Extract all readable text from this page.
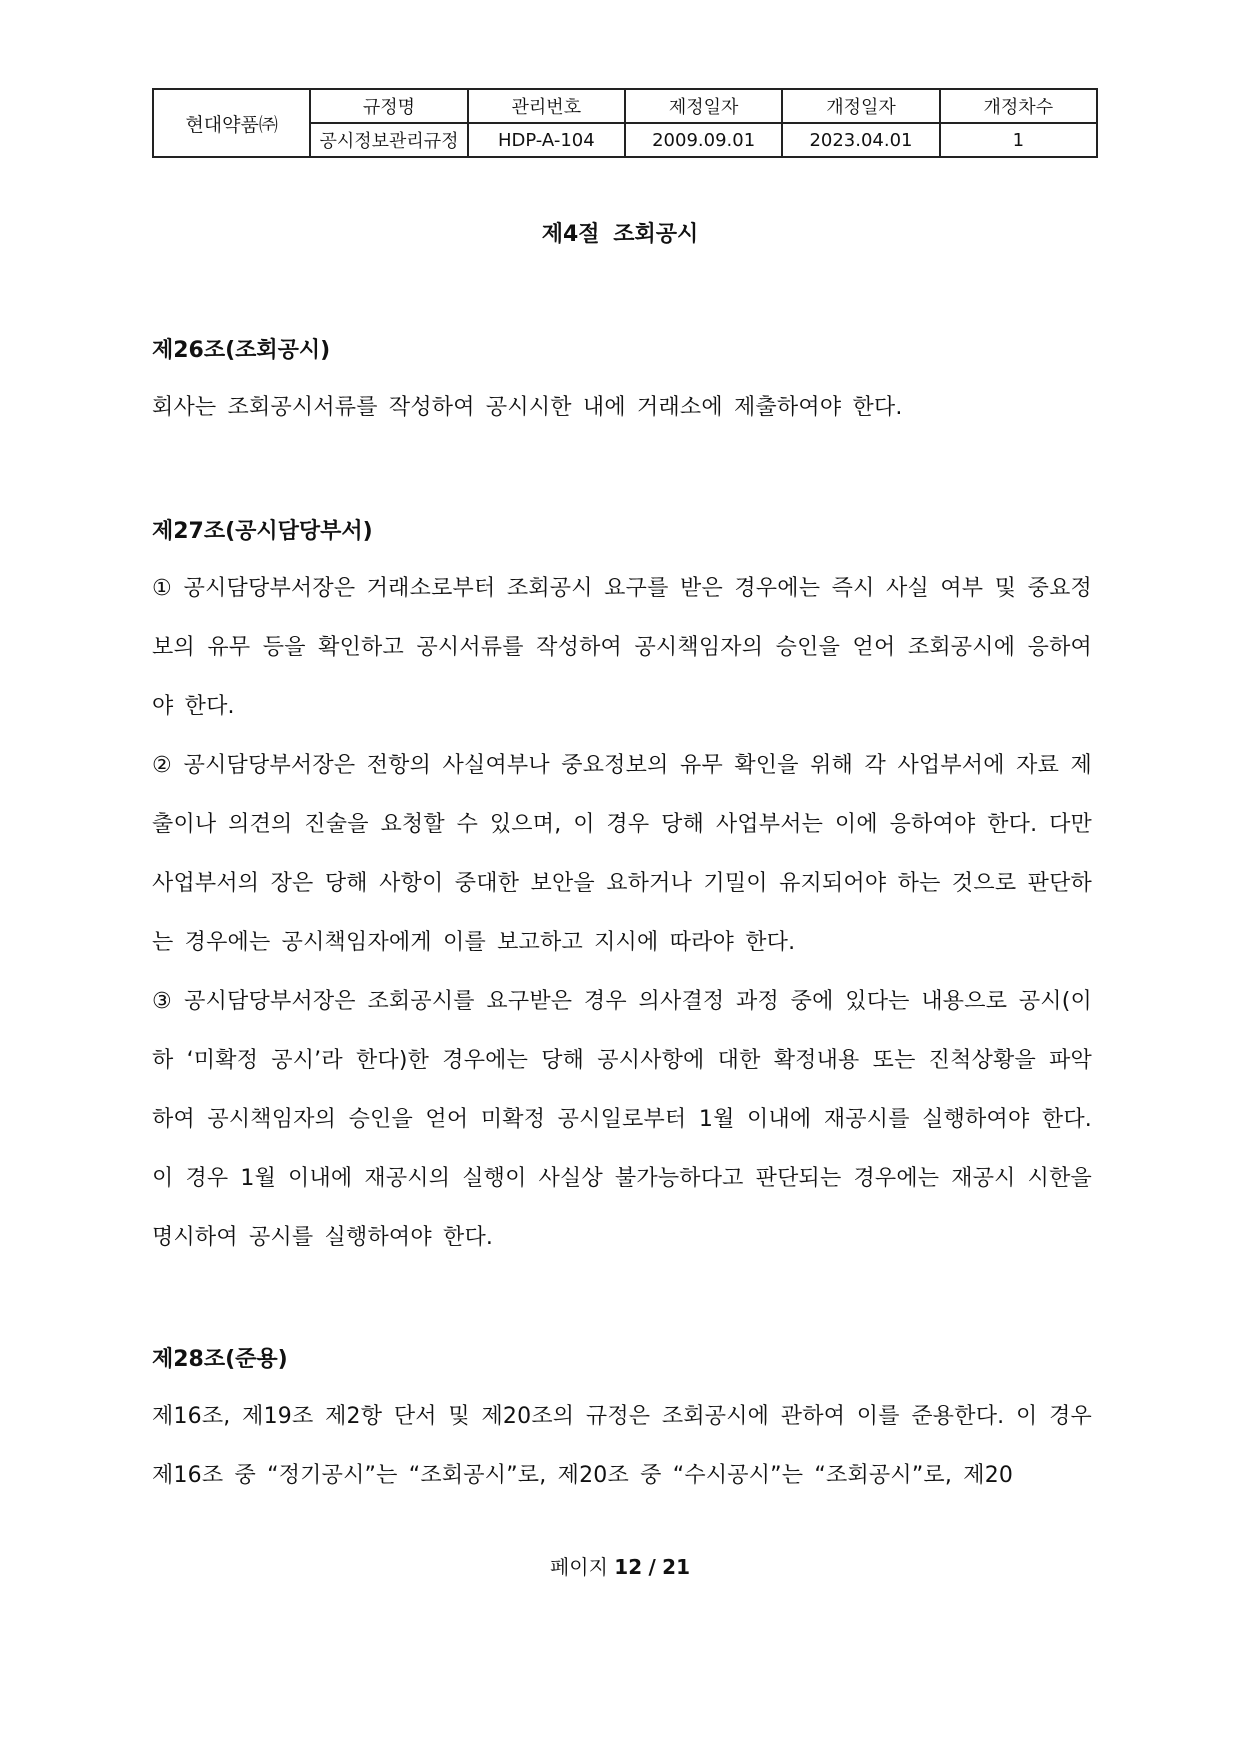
현대약품㈜	규정명	관리번호	제정일자	개정일자	개정차수
	공시정보관리규정	HDP-A-104	2009.09.01	2023.04.01	1
제4절 조회공시

제26조(조회공시)

회사는 조회공시서류를 작성하여 공시시한 내에 거래소에 제출하여야 한다.

제27조(공시담당부서)

① 공시담당부서장은 거래소로부터 조회공시 요구를 받은 경우에는 즉시 사실 여부 및 중요정보의 유무 등을 확인하고 공시서류를 작성하여 공시책임자의 승인을 얻어 조회공시에 응하여야 한다.

② 공시담당부서장은 전항의 사실여부나 중요정보의 유무 확인을 위해 각 사업부서에 자료 제출이나 의견의 진술을 요청할 수 있으며, 이 경우 당해 사업부서는 이에 응하여야 한다. 다만 사업부서의 장은 당해 사항이 중대한 보안을 요하거나 기밀이 유지되어야 하는 것으로 판단하는 경우에는 공시책임자에게 이를 보고하고 지시에 따라야 한다.

③ 공시담당부서장은 조회공시를 요구받은 경우 의사결정 과정 중에 있다는 내용으로 공시(이하 ‘미확정 공시’라 한다)한 경우에는 당해 공시사항에 대한 확정내용 또는 진척상황을 파악하여 공시책임자의 승인을 얻어 미확정 공시일로부터 1월 이내에 재공시를 실행하여야 한다. 이 경우 1월 이내에 재공시의 실행이 사실상 불가능하다고 판단되는 경우에는 재공시 시한을 명시하여 공시를 실행하여야 한다.

제28조(준용)

제16조, 제19조 제2항 단서 및 제20조의 규정은 조회공시에 관하여 이를 준용한다. 이 경우 제16조 중 “정기공시”는 “조회공시”로, 제20조 중 “수시공시”는 “조회공시”로, 제20

페이지 12 / 21
